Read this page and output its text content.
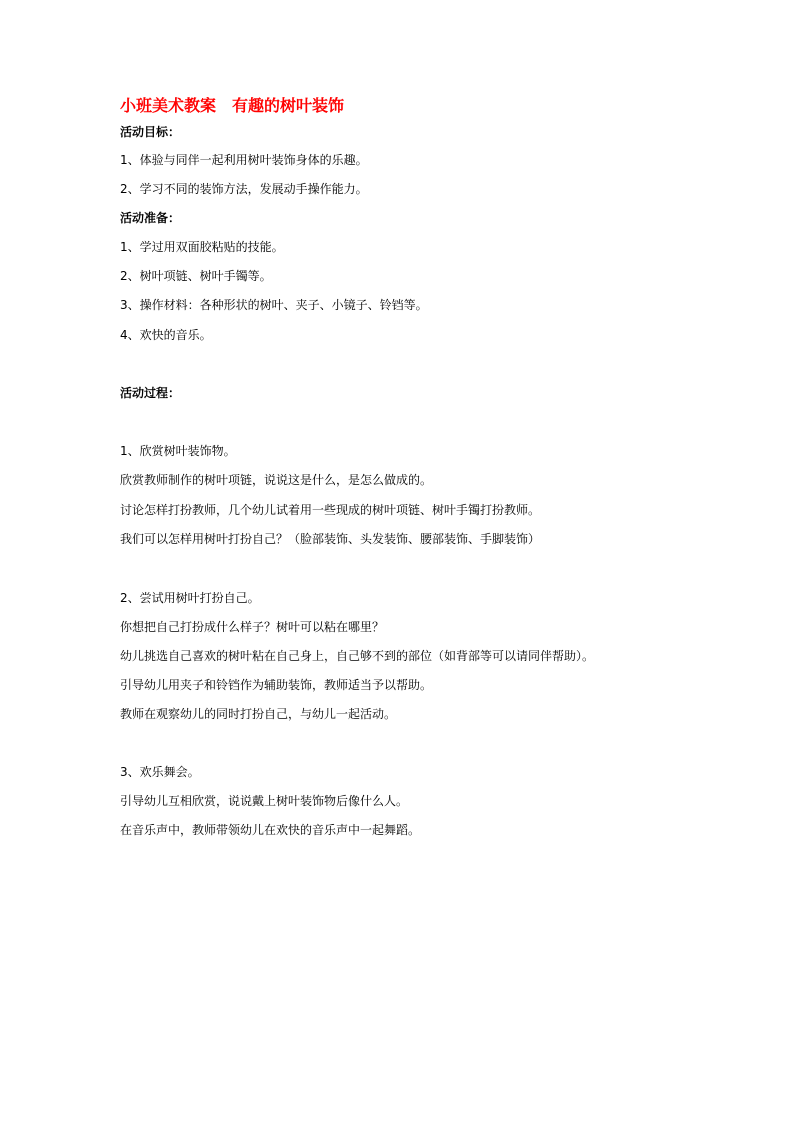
小班美术教案　有趣的树叶装饰
活动目标：
1、体验与同伴一起利用树叶装饰身体的乐趣。
2、学习不同的装饰方法，发展动手操作能力。
活动准备：
1、学过用双面胶粘贴的技能。
2、树叶项链、树叶手镯等。
3、操作材料：各种形状的树叶、夹子、小镜子、铃铛等。
4、欢快的音乐。
活动过程：
1、欣赏树叶装饰物。
欣赏教师制作的树叶项链，说说这是什么，是怎么做成的。
讨论怎样打扮教师，几个幼儿试着用一些现成的树叶项链、树叶手镯打扮教师。
我们可以怎样用树叶打扮自己？（脸部装饰、头发装饰、腰部装饰、手脚装饰）
2、尝试用树叶打扮自己。
你想把自己打扮成什么样子？树叶可以粘在哪里？
幼儿挑选自己喜欢的树叶粘在自己身上，自己够不到的部位（如背部等可以请同伴帮助）。
引导幼儿用夹子和铃铛作为辅助装饰，教师适当予以帮助。
教师在观察幼儿的同时打扮自己，与幼儿一起活动。
3、欢乐舞会。
引导幼儿互相欣赏，说说戴上树叶装饰物后像什么人。
在音乐声中，教师带领幼儿在欢快的音乐声中一起舞蹈。
